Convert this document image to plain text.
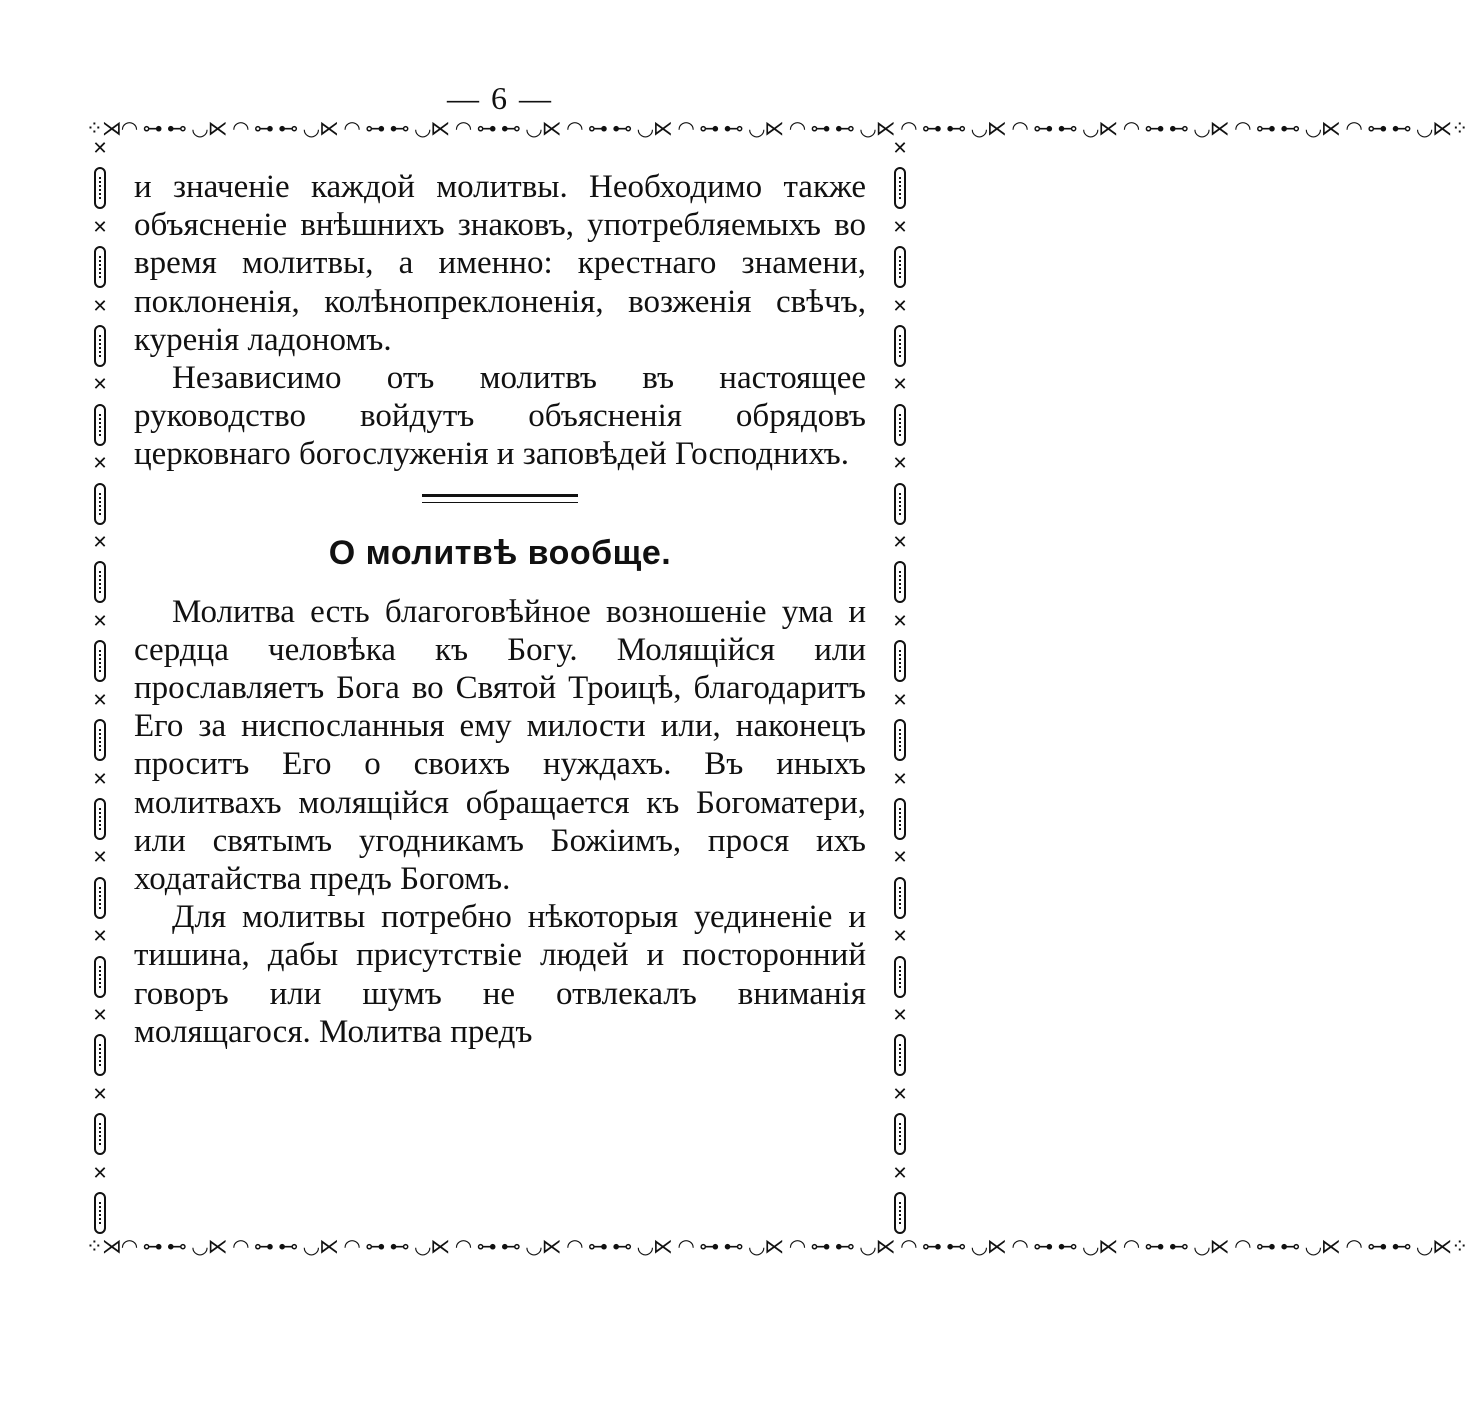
— 6 —
⁘⋊◠ ⊶ ⊷ ◡⋉ ◠ ⊶ ⊷ ◡⋉ ◠ ⊶ ⊷ ◡⋉ ◠ ⊶ ⊷ ◡⋉ ◠ ⊶ ⊷ ◡⋉ ◠ ⊶ ⊷ ◡⋉ ◠ ⊶ ⊷ ◡⋉ ◠ ⊶ ⊷ ◡⋉ ◠ ⊶ ⊷ ◡⋉ ◠ ⊶ ⊷ ◡⋉ ◠ ⊶ ⊷ ◡⋉ ◠ ⊶ ⊷ ◡⋉⁘
⁘⋊◠ ⊶ ⊷ ◡⋉ ◠ ⊶ ⊷ ◡⋉ ◠ ⊶ ⊷ ◡⋉ ◠ ⊶ ⊷ ◡⋉ ◠ ⊶ ⊷ ◡⋉ ◠ ⊶ ⊷ ◡⋉ ◠ ⊶ ⊷ ◡⋉ ◠ ⊶ ⊷ ◡⋉ ◠ ⊶ ⊷ ◡⋉ ◠ ⊶ ⊷ ◡⋉ ◠ ⊶ ⊷ ◡⋉ ◠ ⊶ ⊷ ◡⋉⁘
✕
✕
✕
✕
✕
✕
✕
✕
✕
✕
✕
✕
✕
✕
✕
✕
✕
✕
✕
✕
✕
✕
✕
✕
✕
✕
✕
✕

и значенiе каждой молитвы. Необходимо также объясненiе внѣшнихъ знаковъ, употребляемыхъ во время молитвы, а именно: крестнаго знамени, поклоненiя, колѣнопреклоненiя, возженiя свѣчъ, куренiя ладономъ.

Независимо отъ молитвъ въ настоящее руководство войдутъ объясненiя обрядовъ церковнаго богослуженiя и заповѣдей Господнихъ.

О молитвѣ вообще.

Молитва есть благоговѣйное возношенiе ума и сердца человѣка къ Богу. Молящiйся или прославляетъ Бога во Святой Троицѣ, благодаритъ Его за ниспосланныя ему милости или, наконецъ проситъ Его о своихъ нуждахъ. Въ иныхъ молитвахъ молящiйся обращается къ Богоматери, или святымъ угодникамъ Божiимъ, прося ихъ ходатайства предъ Богомъ.

Для молитвы потребно нѣкоторыя уединенiе и тишина, дабы присутствiе людей и посторонний говоръ или шумъ не отвлекалъ вниманiя молящагося. Молитва предъ
